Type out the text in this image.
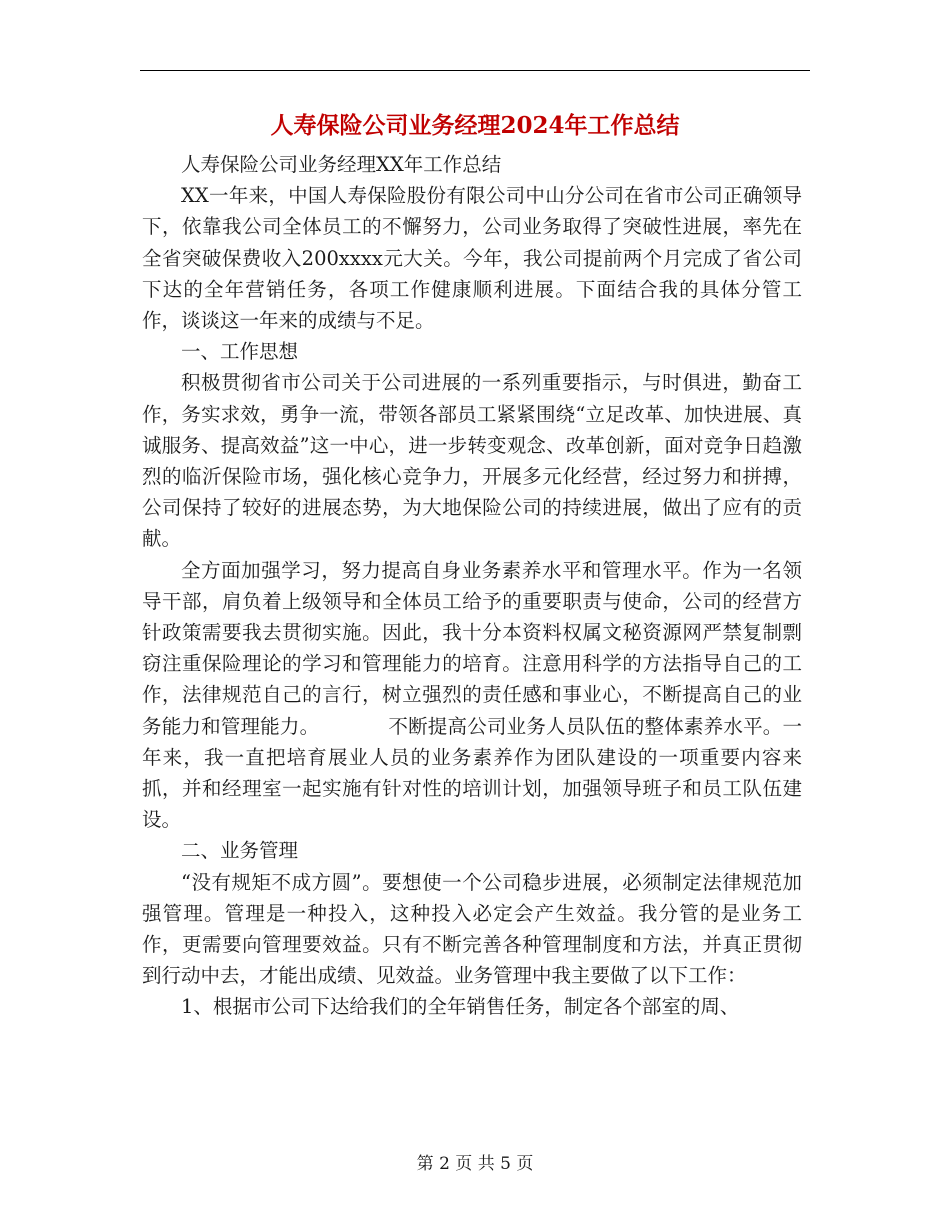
人寿保险公司业务经理2024年工作总结

人寿保险公司业务经理XX年工作总结

XX一年来，中国人寿保险股份有限公司中山分公司在省市公司正确领导下，依靠我公司全体员工的不懈努力，公司业务取得了突破性进展，率先在全省突破保费收入200xxxx元大关。今年，我公司提前两个月完成了省公司下达的全年营销任务，各项工作健康顺利进展。下面结合我的具体分管工作，谈谈这一年来的成绩与不足。

一、工作思想

积极贯彻省市公司关于公司进展的一系列重要指示，与时俱进，勤奋工作，务实求效，勇争一流，带领各部员工紧紧围绕“立足改革、加快进展、真诚服务、提高效益”这一中心，进一步转变观念、改革创新，面对竞争日趋激烈的临沂保险市场，强化核心竞争力，开展多元化经营，经过努力和拼搏，公司保持了较好的进展态势，为大地保险公司的持续进展，做出了应有的贡献。

全方面加强学习，努力提高自身业务素养水平和管理水平。作为一名领导干部，肩负着上级领导和全体员工给予的重要职责与使命，公司的经营方针政策需要我去贯彻实施。因此，我十分本资料权属文秘资源网严禁复制剽窃注重保险理论的学习和管理能力的培育。注意用科学的方法指导自己的工作，法律规范自己的言行，树立强烈的责任感和事业心，不断提高自己的业务能力和管理能力。　　　　不断提高公司业务人员队伍的整体素养水平。一年来，我一直把培育展业人员的业务素养作为团队建设的一项重要内容来抓，并和经理室一起实施有针对性的培训计划，加强领导班子和员工队伍建设。

二、业务管理

“没有规矩不成方圆”。要想使一个公司稳步进展，必须制定法律规范加强管理。管理是一种投入，这种投入必定会产生效益。我分管的是业务工作，更需要向管理要效益。只有不断完善各种管理制度和方法，并真正贯彻到行动中去，才能出成绩、见效益。业务管理中我主要做了以下工作：

1、根据市公司下达给我们的全年销售任务，制定各个部室的周、

第 2 页 共 5 页
